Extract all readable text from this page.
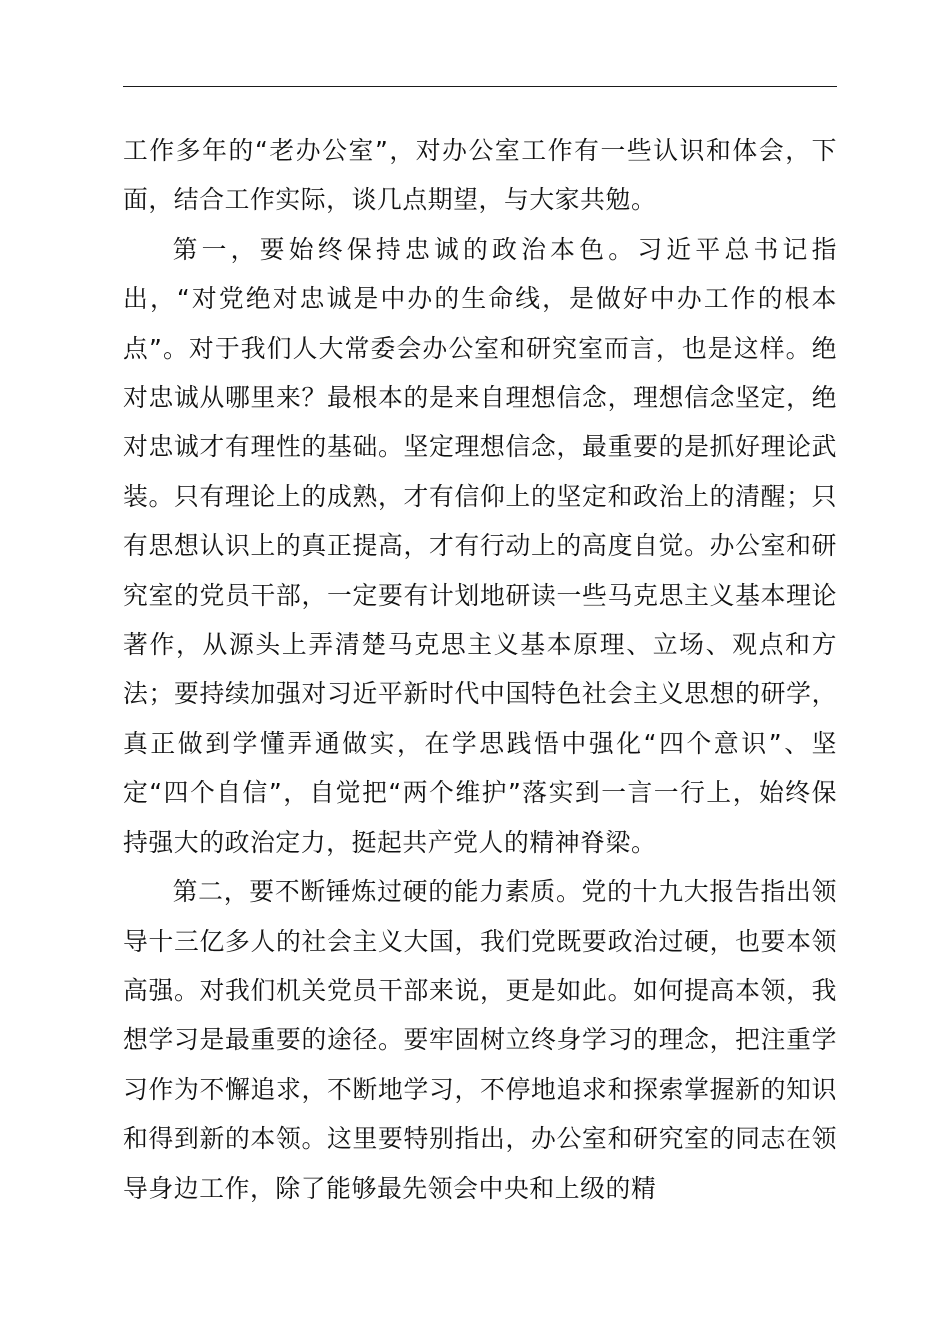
工作多年的“老办公室”，对办公室工作有一些认识和体会，下面，结合工作实际，谈几点期望，与大家共勉。

第一，要始终保持忠诚的政治本色。习近平总书记指出，“对党绝对忠诚是中办的生命线，是做好中办工作的根本点”。对于我们人大常委会办公室和研究室而言，也是这样。绝对忠诚从哪里来？最根本的是来自理想信念，理想信念坚定，绝对忠诚才有理性的基础。坚定理想信念，最重要的是抓好理论武装。只有理论上的成熟，才有信仰上的坚定和政治上的清醒；只有思想认识上的真正提高，才有行动上的高度自觉。办公室和研究室的党员干部，一定要有计划地研读一些马克思主义基本理论著作，从源头上弄清楚马克思主义基本原理、立场、观点和方法；要持续加强对习近平新时代中国特色社会主义思想的研学，真正做到学懂弄通做实，在学思践悟中强化“四个意识”、坚定“四个自信”，自觉把“两个维护”落实到一言一行上，始终保持强大的政治定力，挺起共产党人的精神脊梁。

第二，要不断锤炼过硬的能力素质。党的十九大报告指出领导十三亿多人的社会主义大国，我们党既要政治过硬，也要本领高强。对我们机关党员干部来说，更是如此。如何提高本领，我想学习是最重要的途径。要牢固树立终身学习的理念，把注重学习作为不懈追求，不断地学习，不停地追求和探索掌握新的知识和得到新的本领。这里要特别指出，办公室和研究室的同志在领导身边工作，除了能够最先领会中央和上级的精
